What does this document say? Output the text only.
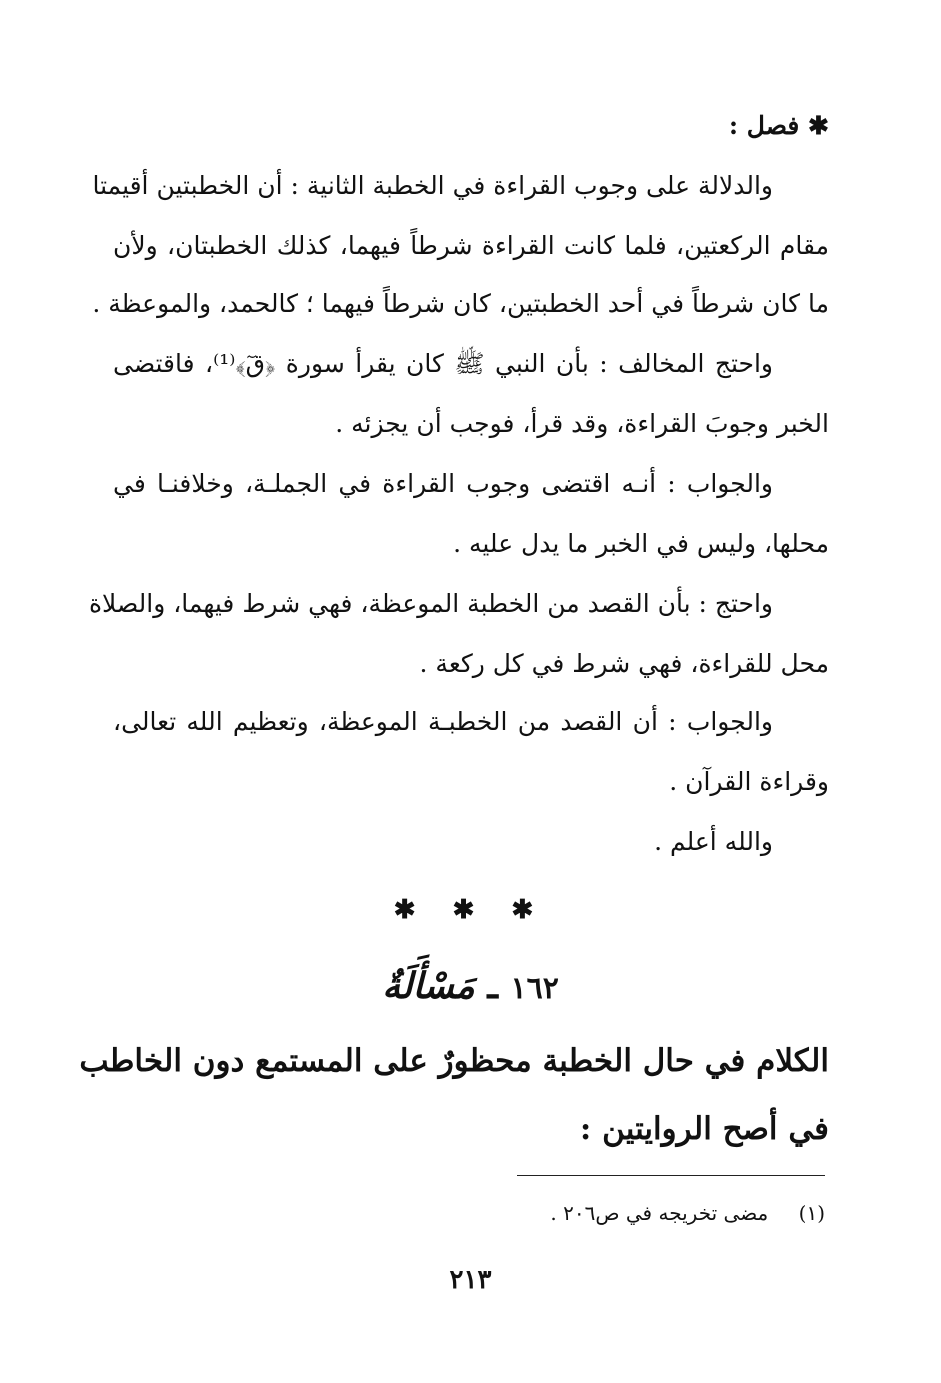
✱ فصل :
والدلالة على وجوب القراءة في الخطبة الثانية : أن الخطبتين أقيمتا
مقام الركعتين، فلما كانت القراءة شرطاً فيهما، كذلك الخطبتان، ولأن
ما كان شرطاً في أحد الخطبتين، كان شرطاً فيهما ؛ كالحمد، والموعظة .
واحتج المخالف : بأن النبي ﷺ كان يقرأ سورة ﴿قٓ﴾⁽¹⁾، فاقتضى
الخبر وجوبَ القراءة، وقد قرأ، فوجب أن يجزئه .
والجواب : أنـه اقتضى وجوب القراءة في الجملـة، وخلافنـا في
محلها، وليس في الخبر ما يدل عليه .
واحتج : بأن القصد من الخطبة الموعظة، فهي شرط فيهما، والصلاة
محل للقراءة، فهي شرط في كل ركعة .
والجواب : أن القصد من الخطبـة الموعظة، وتعظيم الله تعالى،
وقراءة القرآن .
والله أعلم .
✱ ✱ ✱
١٦٢ ـ مَسْأَلَةٌ
الكلام في حال الخطبة محظورٌ على المستمع دون الخاطب
في أصح الروايتين :
(١) مضى تخريجه في ص٢٠٦ .
٢١٣
